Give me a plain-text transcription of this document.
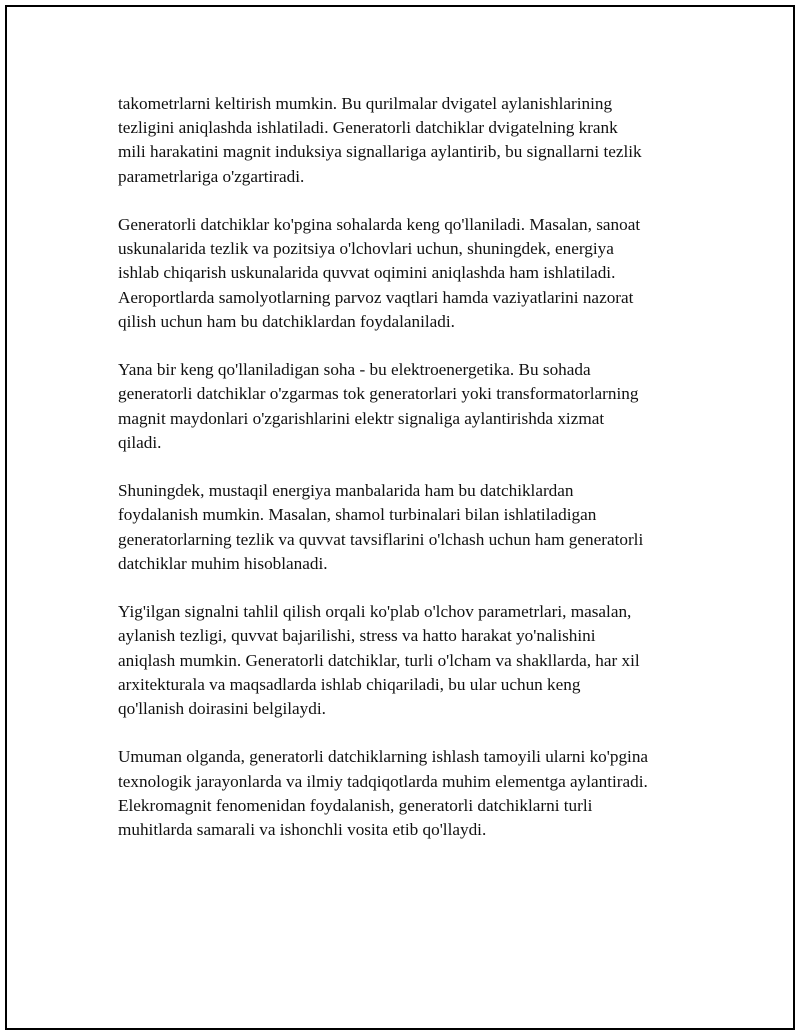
takometrlarni keltirish mumkin. Bu qurilmalar dvigatel aylanishlarining
tezligini aniqlashda ishlatiladi. Generatorli datchiklar dvigatelning krank
mili harakatini magnit induksiya signallariga aylantirib, bu signallarni tezlik
parametrlariga o'zgartiradi.

Generatorli datchiklar ko'pgina sohalarda keng qo'llaniladi. Masalan, sanoat
uskunalarida tezlik va pozitsiya o'lchovlari uchun, shuningdek, energiya
ishlab chiqarish uskunalarida quvvat oqimini aniqlashda ham ishlatiladi.
Aeroportlarda samolyotlarning parvoz vaqtlari hamda vaziyatlarini nazorat
qilish uchun ham bu datchiklardan foydalaniladi.

Yana bir keng qo'llaniladigan soha - bu elektroenergetika. Bu sohada
generatorli datchiklar o'zgarmas tok generatorlari yoki transformatorlarning
magnit maydonlari o'zgarishlarini elektr signaliga aylantirishda xizmat
qiladi.

Shuningdek, mustaqil energiya manbalarida ham bu datchiklardan
foydalanish mumkin. Masalan, shamol turbinalari bilan ishlatiladigan
generatorlarning tezlik va quvvat tavsiflarini o'lchash uchun ham generatorli
datchiklar muhim hisoblanadi.

Yig'ilgan signalni tahlil qilish orqali ko'plab o'lchov parametrlari, masalan,
aylanish tezligi, quvvat bajarilishi, stress va hatto harakat yo'nalishini
aniqlash mumkin. Generatorli datchiklar, turli o'lcham va shakllarda, har xil
arxitekturala va maqsadlarda ishlab chiqariladi, bu ular uchun keng
qo'llanish doirasini belgilaydi.

Umuman olganda, generatorli datchiklarning ishlash tamoyili ularni ko'pgina
texnologik jarayonlarda va ilmiy tadqiqotlarda muhim elementga aylantiradi.
Elekromagnit fenomenidan foydalanish, generatorli datchiklarni turli
muhitlarda samarali va ishonchli vosita etib qo'llaydi.
